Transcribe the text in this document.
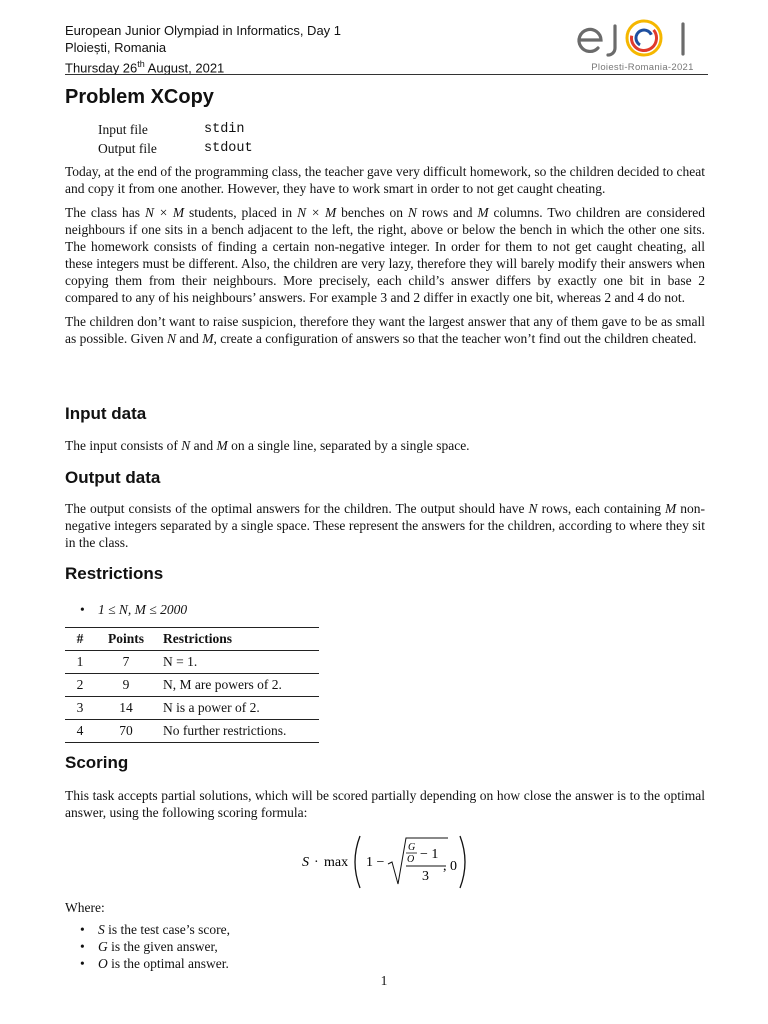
European Junior Olympiad in Informatics, Day 1
Ploiești, Romania
Thursday 26th August, 2021	Ploiesti-Romania-2021
Problem XCopy
Input file	stdin
Output file	stdout

Today, at the end of the programming class, the teacher gave very difficult homework, so the children decided to cheat and copy it from one another. However, they have to work smart in order to not get caught cheating.

The class has N × M students, placed in N × M benches on N rows and M columns. Two children are considered neighbours if one sits in a bench adjacent to the left, the right, above or below the bench in which the other one sits. The homework consists of finding a certain non-negative integer. In order for them to not get caught cheating, all these integers must be different. Also, the children are very lazy, therefore they will barely modify their answers when copying them from their neighbours. More precisely, each child’s answer differs by exactly one bit in base 2 compared to any of his neighbours’ answers. For example 3 and 2 differ in exactly one bit, whereas 2 and 4 do not.

The children don’t want to raise suspicion, therefore they want the largest answer that any of them gave to be as small as possible. Given N and M, create a configuration of answers so that the teacher won’t find out the children cheated.

Input data
The input consists of N and M on a single line, separated by a single space.
Output data
The output consists of the optimal answers for the children. The output should have N rows, each containing M non-negative integers separated by a single space. These represent the answers for the children, according to where they sit in the class.
Restrictions
• 1 ≤ N, M ≤ 2000
#	Points	Restrictions
1	7	N = 1.
2	9	N, M are powers of 2.
3	14	N is a power of 2.
4	70	No further restrictions.
Scoring
This task accepts partial solutions, which will be scored partially depending on how close the answer is to the optimal answer, using the following scoring formula:
S · max 1 −
G
O − 1
3
, 0
Where:
• S is the test case’s score,
• G is the given answer,
• O is the optimal answer.
1
